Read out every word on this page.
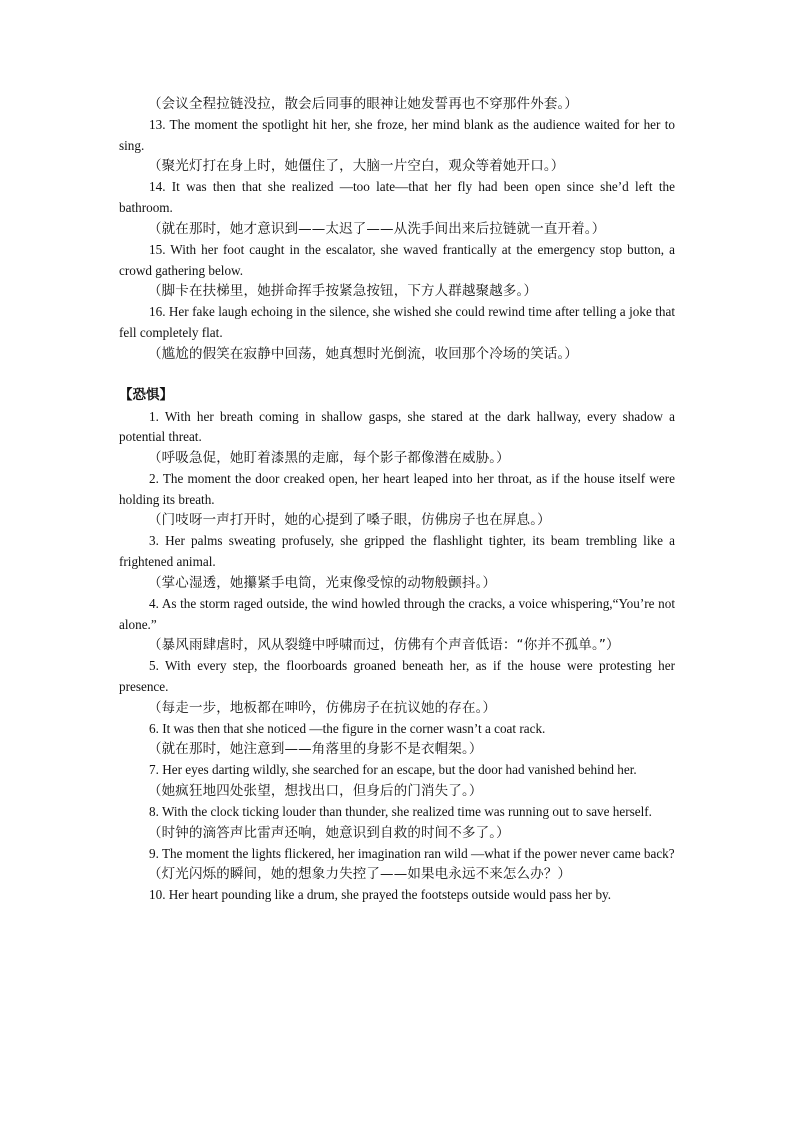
（会议全程拉链没拉，散会后同事的眼神让她发誓再也不穿那件外套。）
13. The moment the spotlight hit her, she froze, her mind blank as the audience waited for her to sing.
（聚光灯打在身上时，她僵住了，大脑一片空白，观众等着她开口。）
14. It was then that she realized —too late—that her fly had been open since she’d left the bathroom.
（就在那时，她才意识到——太迟了——从洗手间出来后拉链就一直开着。）
15. With her foot caught in the escalator, she waved frantically at the emergency stop button, a crowd gathering below.
（脚卡在扶梯里，她拼命挥手按紧急按钮，下方人群越聚越多。）
16. Her fake laugh echoing in the silence, she wished she could rewind time after telling a joke that fell completely flat.
（尴尬的假笑在寂静中回荡，她真想时光倒流，收回那个冷场的笑话。）
【恐惧】
1. With her breath coming in shallow gasps, she stared at the dark hallway, every shadow a potential threat.
（呼吸急促，她盯着漆黑的走廊，每个影子都像潜在威胁。）
2. The moment the door creaked open, her heart leaped into her throat, as if the house itself were holding its breath.
（门吱呀一声打开时，她的心提到了嗓子眼，仿佛房子也在屏息。）
3. Her palms sweating profusely, she gripped the flashlight tighter, its beam trembling like a frightened animal.
（掌心湿透，她攥紧手电筒，光束像受惊的动物般颤抖。）
4. As the storm raged outside, the wind howled through the cracks, a voice whispering,“You’re not alone.”
（暴风雨肆虐时，风从裂缝中呼啸而过，仿佛有个声音低语：“你并不孤单。”）
5. With every step, the floorboards groaned beneath her, as if the house were protesting her presence.
（每走一步，地板都在呻吟，仿佛房子在抗议她的存在。）
6. It was then that she noticed —the figure in the corner wasn’t a coat rack.
（就在那时，她注意到——角落里的身影不是衣帽架。）
7. Her eyes darting wildly, she searched for an escape, but the door had vanished behind her.
（她疯狂地四处张望，想找出口，但身后的门消失了。）
8. With the clock ticking louder than thunder, she realized time was running out to save herself.
（时钟的滴答声比雷声还响，她意识到自救的时间不多了。）
9. The moment the lights flickered, her imagination ran wild —what if the power never came back?
（灯光闪烁的瞬间，她的想象力失控了——如果电永远不来怎么办？）
10. Her heart pounding like a drum, she prayed the footsteps outside would pass her by.
